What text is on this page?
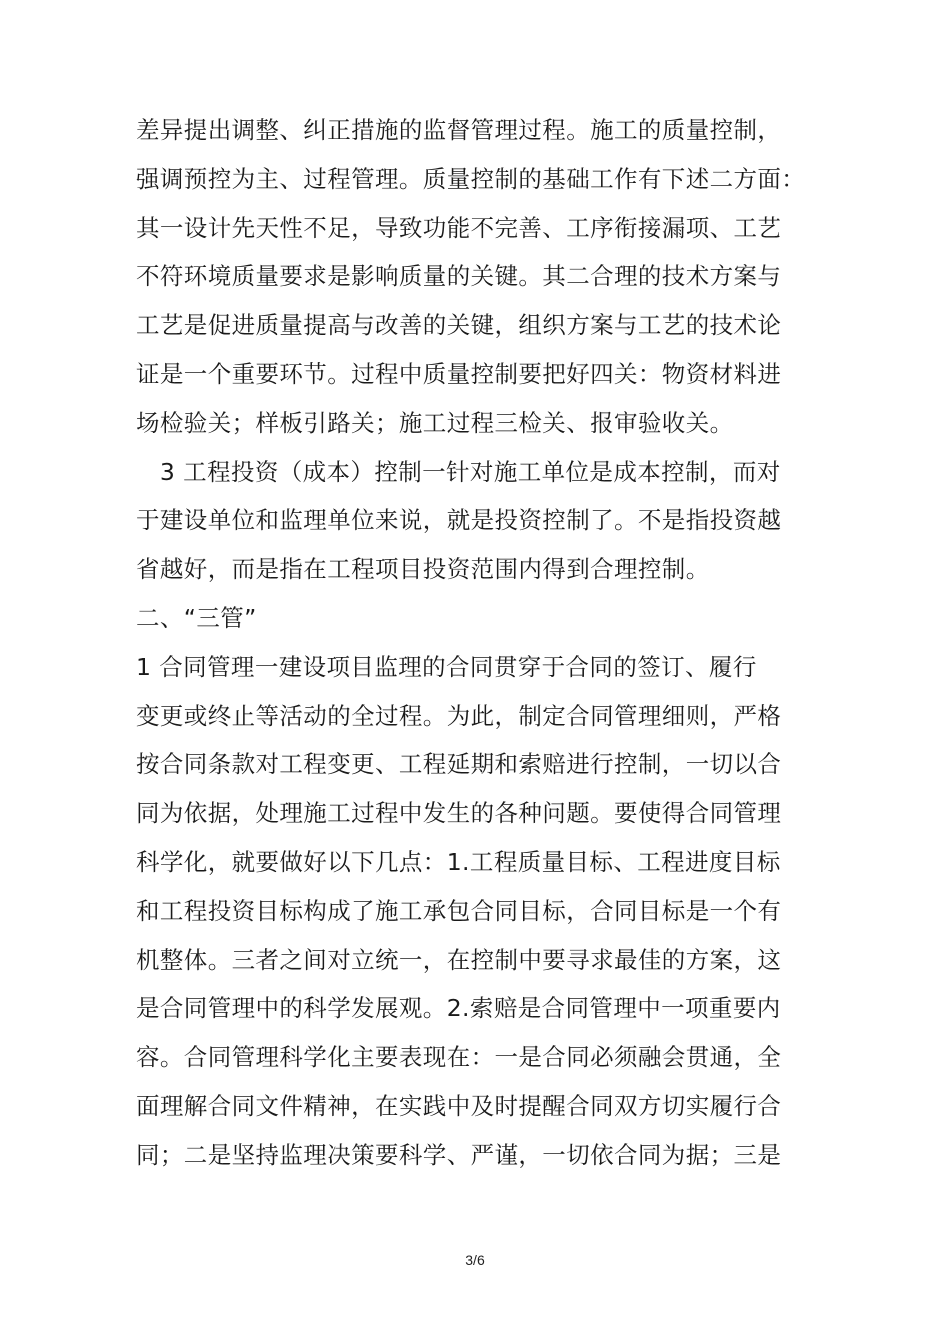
差异提出调整、纠正措施的监督管理过程。施工的质量控制，
强调预控为主、过程管理。质量控制的基础工作有下述二方面：
其一设计先天性不足，导致功能不完善、工序衔接漏项、工艺
不符环境质量要求是影响质量的关键。其二合理的技术方案与
工艺是促进质量提高与改善的关键，组织方案与工艺的技术论
证是一个重要环节。过程中质量控制要把好四关：物资材料进
场检验关；样板引路关；施工过程三检关、报审验收关。
　3 工程投资（成本）控制一针对施工单位是成本控制，而对
于建设单位和监理单位来说，就是投资控制了。不是指投资越
省越好，而是指在工程项目投资范围内得到合理控制。
二、“三管”
1 合同管理一建设项目监理的合同贯穿于合同的签订、履行
变更或终止等活动的全过程。为此，制定合同管理细则，严格
按合同条款对工程变更、工程延期和索赔进行控制，一切以合
同为依据，处理施工过程中发生的各种问题。要使得合同管理
科学化，就要做好以下几点：1.工程质量目标、工程进度目标
和工程投资目标构成了施工承包合同目标，合同目标是一个有
机整体。三者之间对立统一，在控制中要寻求最佳的方案，这
是合同管理中的科学发展观。2.索赔是合同管理中一项重要内
容。合同管理科学化主要表现在：一是合同必须融会贯通，全
面理解合同文件精神，在实践中及时提醒合同双方切实履行合
同；二是坚持监理决策要科学、严谨，一切依合同为据；三是
3/6
